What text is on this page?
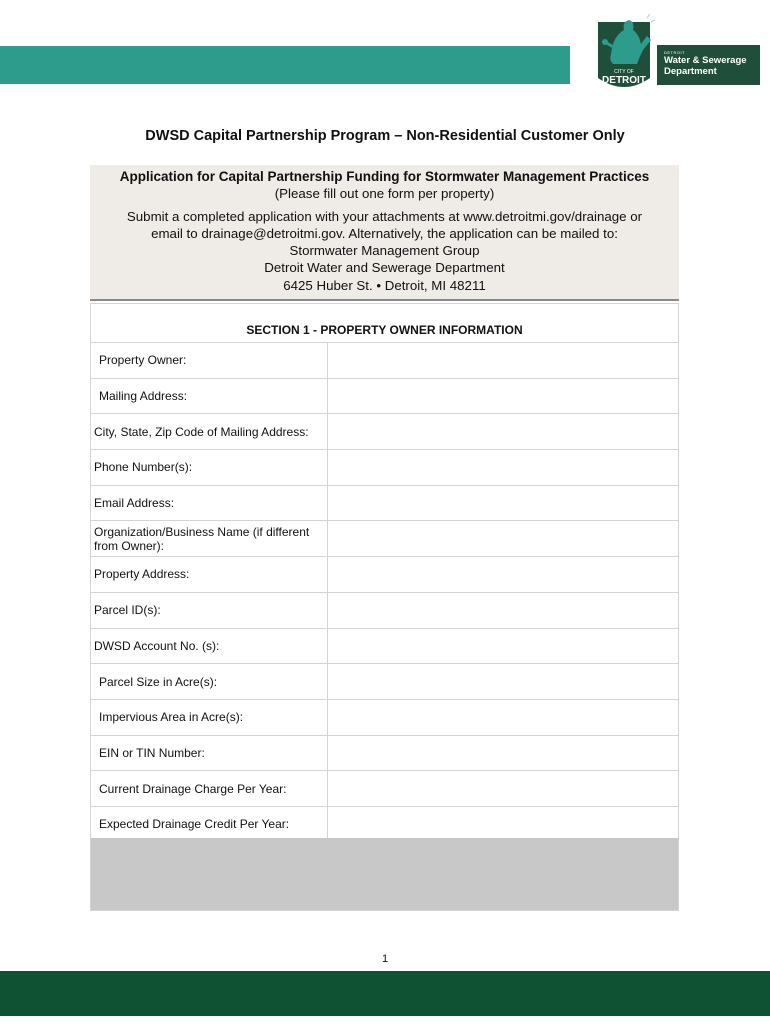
CITY OF
DETROIT
DETROIT
Water & Sewerage
Department
DWSD Capital Partnership Program – Non-Residential Customer Only
Application for Capital Partnership Funding for Stormwater Management Practices
(Please fill out one form per property)
Submit a completed application with your attachments at www.detroitmi.gov/drainage or
email to drainage@detroitmi.gov. Alternatively, the application can be mailed to:
Stormwater Management Group
Detroit Water and Sewerage Department
6425 Huber St. • Detroit, MI 48211
SECTION 1 - PROPERTY OWNER INFORMATION
Property Owner:
Mailing Address:
City, State, Zip Code of Mailing Address:
Phone Number(s):
Email Address:
Organization/Business Name (if different from Owner):
Property Address:
Parcel ID(s):
DWSD Account No. (s):
Parcel Size in Acre(s):
Impervious Area in Acre(s):
EIN or TIN Number:
Current Drainage Charge Per Year:
Expected Drainage Credit Per Year:
1
